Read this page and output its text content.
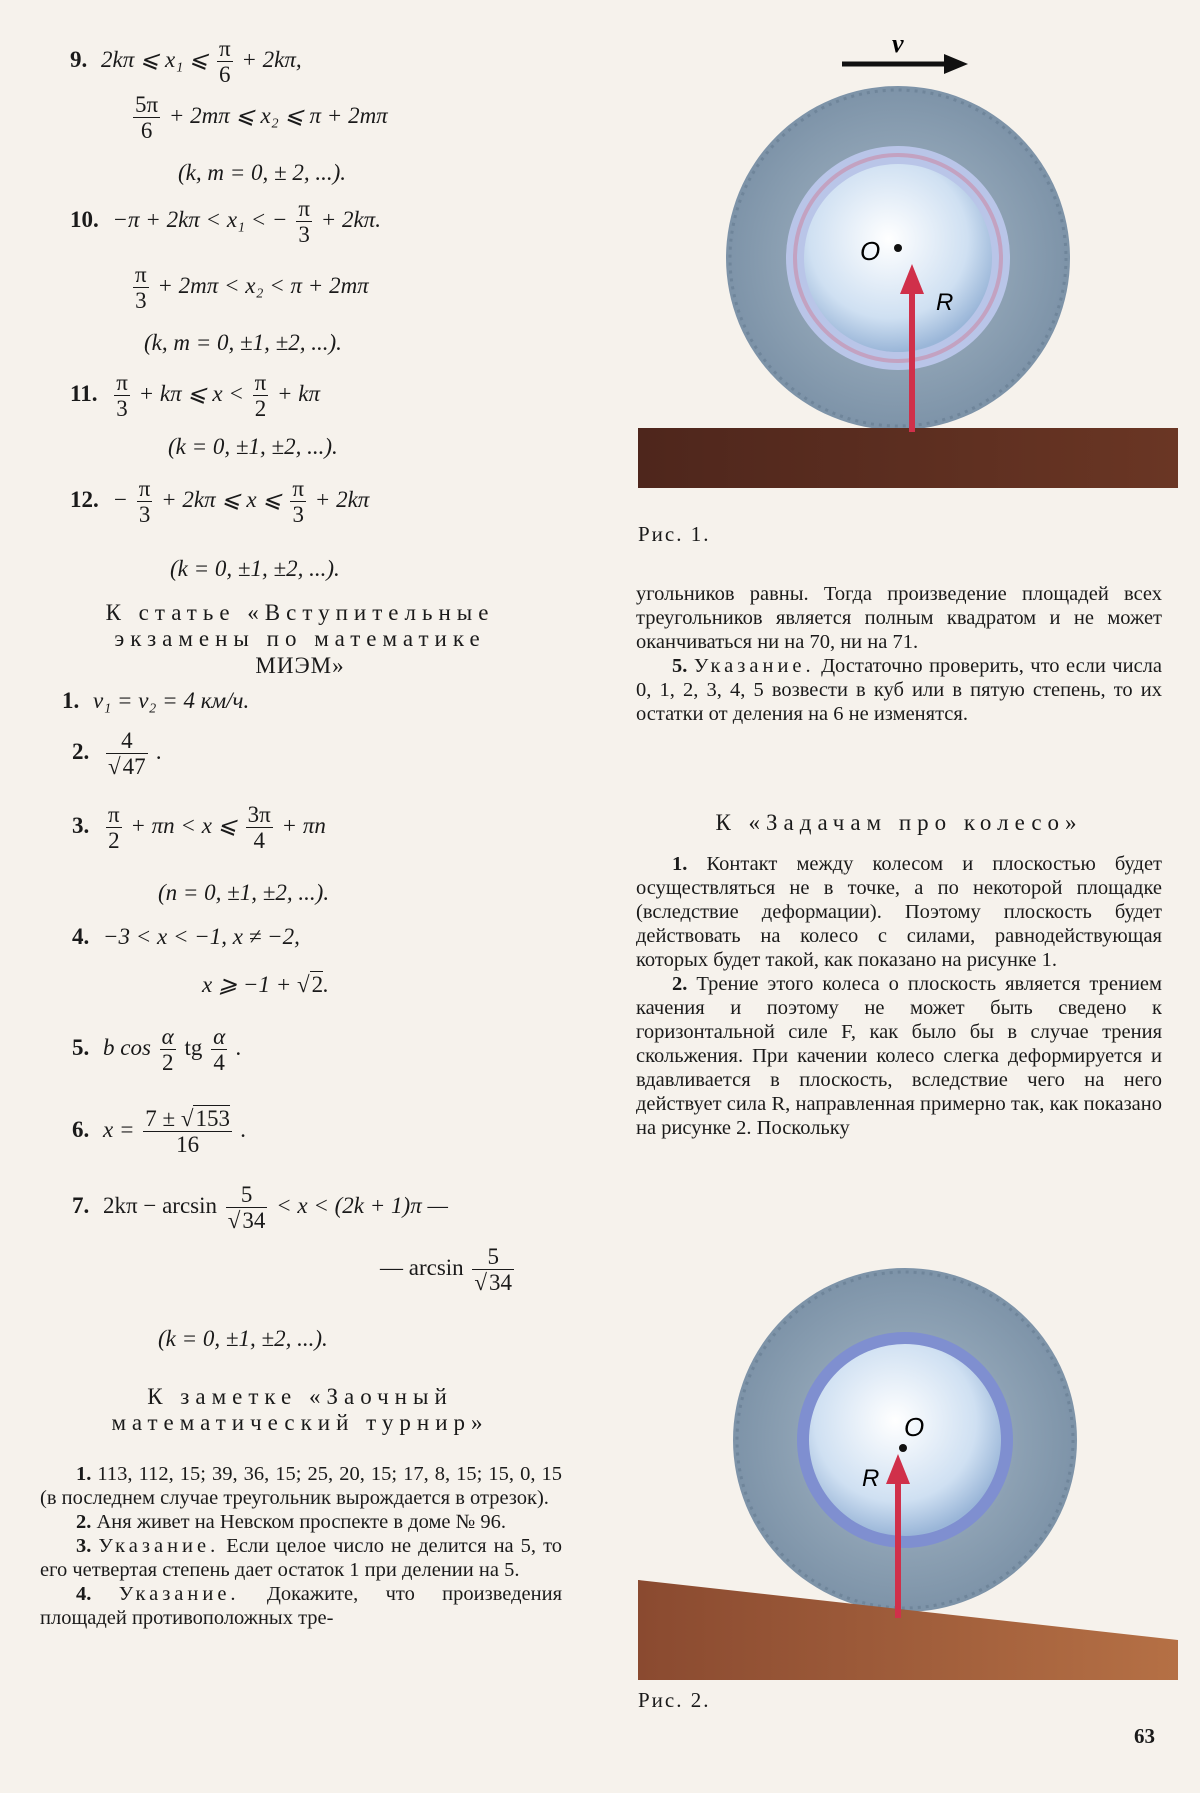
9. 2kπ ⩽ x₁ ⩽ $\frac{\pi}{6} + 2k\pi$,
$\frac{5\pi}{6} + 2m\pi$ ⩽ x₂ ⩽ π + 2mπ
(k, m = 0, ± 2, ...).
10. −π + 2kπ < x₁ < − $\frac{\pi}{3} + 2k\pi$.
$\frac{\pi}{3} + 2m\pi < x_2 < \pi + 2m\pi$
(k, m = 0, ±1, ±2, ...).
11. $\frac{\pi}{3} + k\pi$ ⩽ $x < \frac{\pi}{2} + k\pi$
(k = 0, ±1, ±2, ...).
12. − $\frac{\pi}{3} + 2k\pi$ ⩽ x ⩽ $\frac{\pi}{3} + 2k\pi$
(k = 0, ±1, ±2, ...).
К статье «Вступительные
экзамены по математике
МИЭМ»
1. v₁ = v₂ = 4 км/ч.
2. $\frac{4}{√47}$ .
3. $\frac{\pi}{2} + \pi n < x$ ⩽ $\frac{3\pi}{4} + \pi n$
(n = 0, ±1, ±2, ...).
4. −3 < x < −1, x ≠ −2,
x ⩾ −1 + √2.
5. b $\cos \frac{\alpha}{2}$ tg $\frac{\alpha}{4}$ .
6. $x = \frac{7 \pm √153}{16}$ .
7. $2k\pi - \arcsin \frac{5}{√34} < x < (2k + 1)\pi$ —
— $\arcsin \frac{5}{√34}$
(k = 0, ±1, ±2, ...).
К заметке «Заочный
математический турнир»

1. 113, 112, 15; 39, 36, 15; 25, 20, 15; 17, 8, 15; 15, 0, 15 (в последнем случае треугольник вырождается в отрезок).

2. Аня живет на Невском проспекте в доме № 96.

3. Указание. Если целое число не делится на 5, то его четвертая степень дает остаток 1 при делении на 5.

4. Указание. Докажите, что произведения площадей противоположных тре-

v
O
R
Рис. 1.

угольников равны. Тогда произведение площадей всех треугольников является полным квадратом и не может оканчиваться ни на 70, ни на 71.

5. Указание. Достаточно проверить, что если числа 0, 1, 2, 3, 4, 5 возвести в куб или в пятую степень, то их остатки от деления на 6 не изменятся.

К «Задачам про колесо»

1. Контакт между колесом и плоскостью будет осуществляться не в точке, а по некоторой площадке (вследствие деформации). Поэтому плоскость будет действовать на колесо с силами, равнодействующая которых будет такой, как показано на рисунке 1.

2. Трение этого колеса о плоскость является трением качения и поэтому не может быть сведено к горизонтальной силе F, как было бы в случае трения скольжения. При качении колесо слегка деформируется и вдавливается в плоскость, вследствие чего на него действует сила R, направленная примерно так, как показано на рисунке 2. Поскольку

O
R
Рис. 2.
63
